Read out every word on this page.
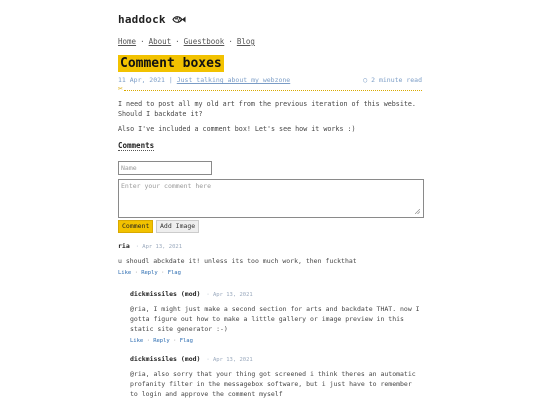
haddock
Home · About · Guestbook · Blog
Comment boxes
11 Apr, 2021 | Just talking about my webzone	◯ 2 minute read
✂
I need to post all my old art from the previous iteration of this website. Should I backdate it?
Also I've included a comment box! Let's see how it works :)
Comments
Name
Enter your comment here
Comment	Add Image
ria · Apr 13, 2021
u shoudl abckdate it! unless its too much work, then fuckthat
Like · Reply · Flag
dickmissiles (mod) · Apr 13, 2021
@ria, I might just make a second section for arts and backdate THAT. now I gotta figure out how to make a little gallery or image preview in this static site generator :-)
Like · Reply · Flag
dickmissiles (mod) · Apr 13, 2021
@ria, also sorry that your thing got screened i think theres an automatic profanity filter in the messagebox software, but i just have to remember to login and approve the comment myself
